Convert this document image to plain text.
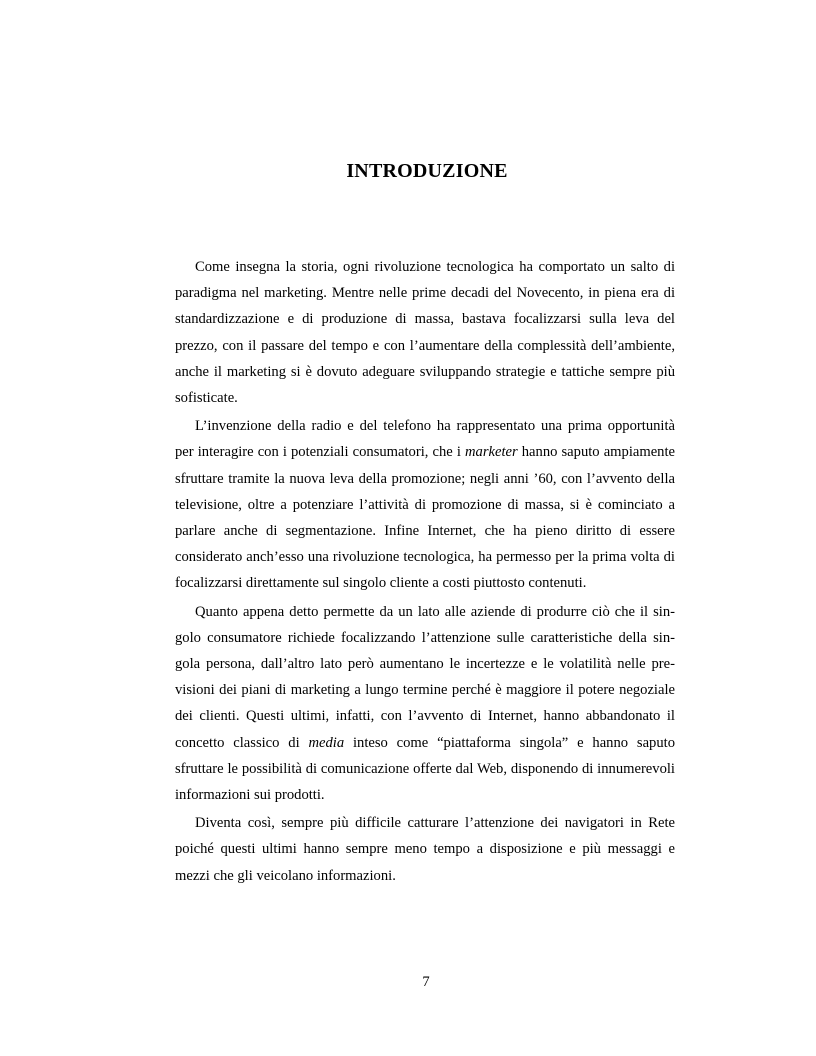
INTRODUZIONE

Come insegna la storia, ogni rivoluzione tecnologica ha comportato un salto di paradigma nel marketing. Mentre nelle prime decadi del Novecento, in piena era di standardizzazione e di produzione di massa, bastava focalizzarsi sulla leva del prezzo, con il passare del tempo e con l’aumentare della complessità dell’ambiente, anche il marketing si è dovuto adeguare sviluppando strategie e tattiche sempre più sofisticate.

L’invenzione della radio e del telefono ha rappresentato una prima opportunità per interagire con i potenziali consumatori, che i marketer hanno saputo ampiamente sfruttare tramite la nuova leva della promozione; negli anni ’60, con l’avvento della televisione, oltre a potenziare l’attività di promozione di massa, si è cominciato a parlare anche di segmentazione. Infine Internet, che ha pieno diritto di essere considerato anch’esso una rivoluzione tecnologica, ha permesso per la prima volta di focalizzarsi direttamente sul singolo cliente a costi piuttosto contenuti.

Quanto appena detto permette da un lato alle aziende di produrre ciò che il singolo consumatore richiede focalizzando l’attenzione sulle caratteristiche della singola persona, dall’altro lato però aumentano le incertezze e le volatilità nelle previsioni dei piani di marketing a lungo termine perché è maggiore il potere negoziale dei clienti. Questi ultimi, infatti, con l’avvento di Internet, hanno abbandonato il concetto classico di media inteso come “piattaforma singola” e hanno saputo sfruttare le possibilità di comunicazione offerte dal Web, disponendo di innumerevoli informazioni sui prodotti.

Diventa così, sempre più difficile catturare l’attenzione dei navigatori in Rete poiché questi ultimi hanno sempre meno tempo a disposizione e più messaggi e mezzi che gli veicolano informazioni.

7
